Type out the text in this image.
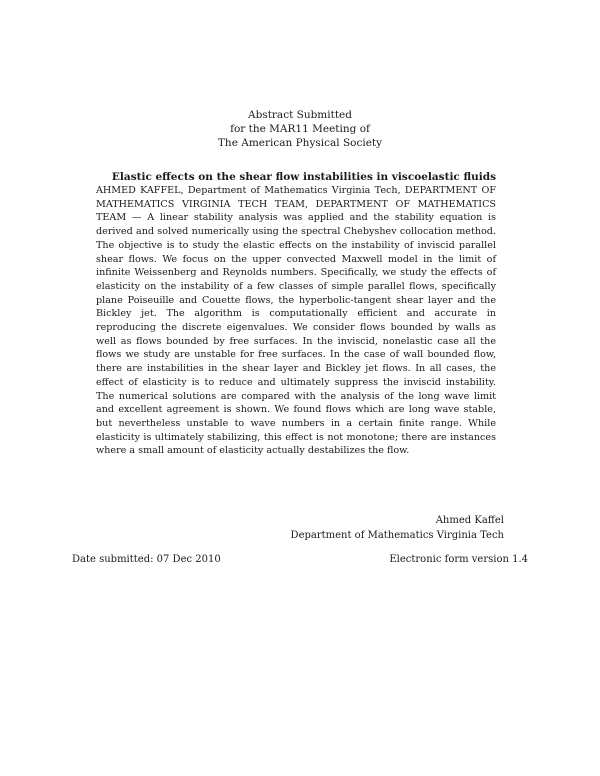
Abstract Submitted
for the MAR11 Meeting of
The American Physical Society
Elastic effects on the shear flow instabilities in viscoelastic fluids
AHMED KAFFEL, Department of Mathematics Virginia Tech, DEPARTMENT OF MATHEMATICS VIRGINIA TECH TEAM, DEPARTMENT OF MATHEMATICS TEAM — A linear stability analysis was applied and the stability equation is derived and solved numerically using the spectral Chebyshev collocation method. The objective is to study the elastic effects on the instability of inviscid parallel shear flows. We focus on the upper convected Maxwell model in the limit of infinite Weissenberg and Reynolds numbers. Specifically, we study the effects of elasticity on the instability of a few classes of simple parallel flows, specifically plane Poiseuille and Couette flows, the hyperbolic-tangent shear layer and the Bickley jet. The algorithm is computationally efficient and accurate in reproducing the discrete eigenvalues. We consider flows bounded by walls as well as flows bounded by free surfaces. In the inviscid, nonelastic case all the flows we study are unstable for free surfaces. In the case of wall bounded flow, there are instabilities in the shear layer and Bickley jet flows. In all cases, the effect of elasticity is to reduce and ultimately suppress the inviscid instability. The numerical solutions are compared with the analysis of the long wave limit and excellent agreement is shown. We found flows which are long wave stable, but nevertheless unstable to wave numbers in a certain finite range. While elasticity is ultimately stabilizing, this effect is not monotone; there are instances where a small amount of elasticity actually destabilizes the flow.
Ahmed Kaffel
Department of Mathematics Virginia Tech
Date submitted: 07 Dec 2010	Electronic form version 1.4
